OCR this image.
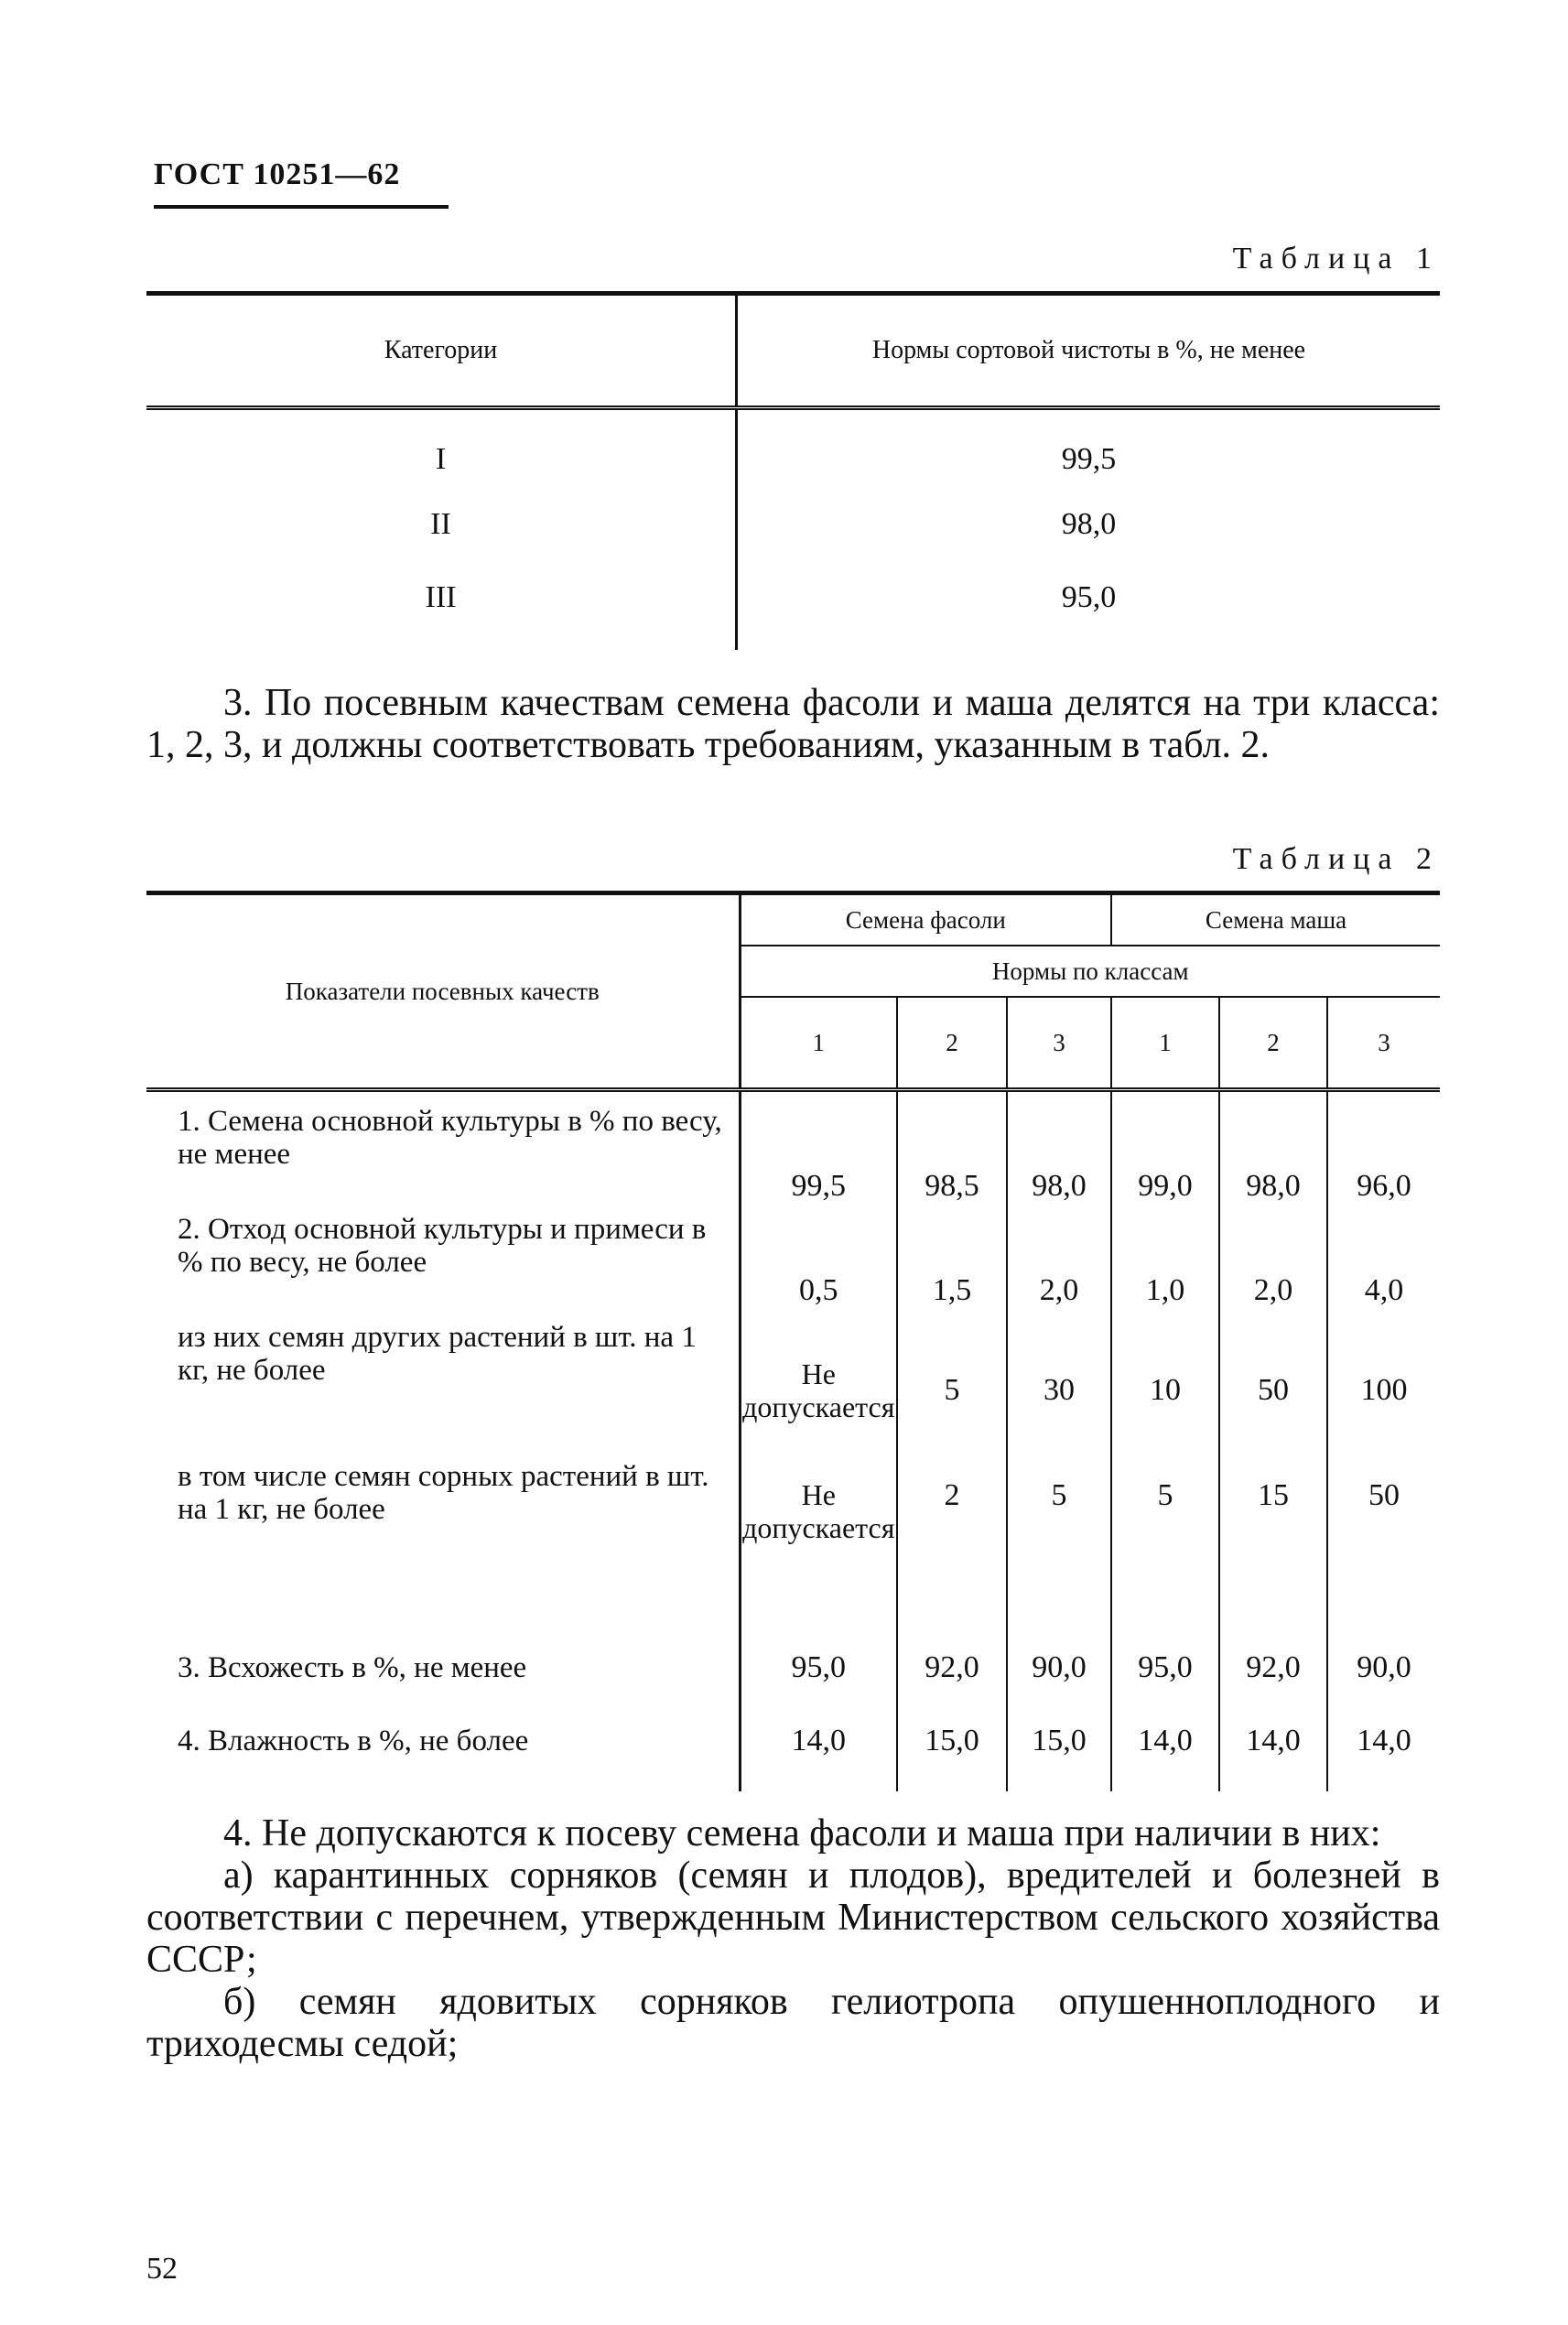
ГОСТ 10251—62
Таблица 1
Категории	Нормы сортовой чистоты в %, не менее
I	99,5
II	98,0
III	95,0
3. По посевным качествам семена фасоли и маша делятся на три класса: 1, 2, 3, и должны соответствовать требованиям, указанным в табл. 2.
Таблица 2
Показатели посевных качеств	Семена фасоли			Семена маша		
	Нормы по классам					
	1	2	3	1	2	3
1. Семена основной культуры в % по весу, не менее	99,5	98,5	98,0	99,0	98,0	96,0
2. Отход основной культуры и примеси в % по весу, не более	0,5	1,5	2,0	1,0	2,0	4,0
из них семян других растений в шт. на 1 кг, не более	Не допускается	5	30	10	50	100
в том числе семян сорных растений в шт. на 1 кг, не более	Не допускается	2	5	5	15	50
3. Всхожесть в %, не менее	95,0	92,0	90,0	95,0	92,0	90,0
4. Влажность в %, не более	14,0	15,0	15,0	14,0	14,0	14,0

4. Не допускаются к посеву семена фасоли и маша при наличии в них:

а) карантинных сорняков (семян и плодов), вредителей и болезней в соответствии с перечнем, утвержденным Министерством сельского хозяйства СССР;

б) семян ядовитых сорняков гелиотропа опушенноплодного и триходесмы седой;

52
